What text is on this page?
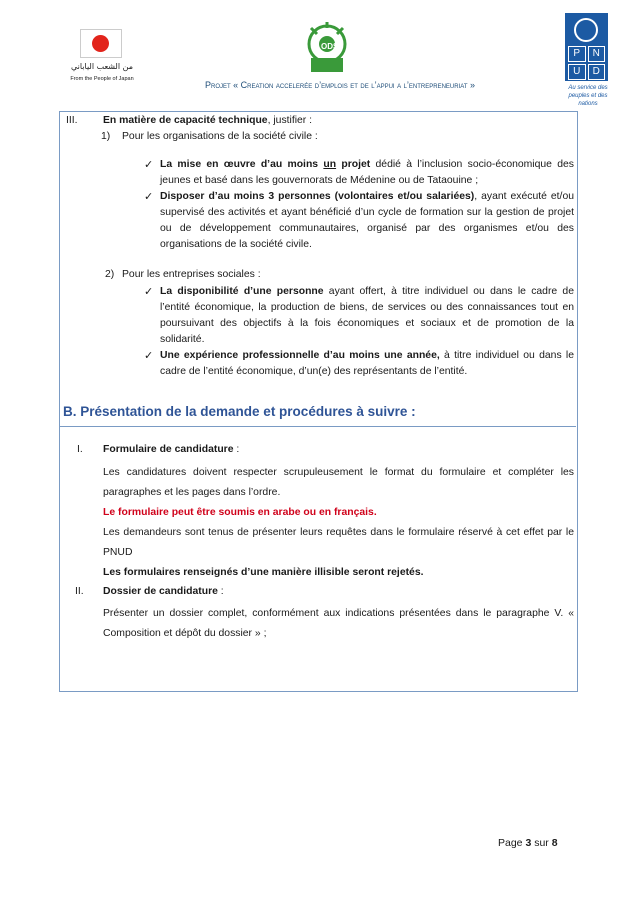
من الشعب الياباني
From the People of Japan
ODS
P	N
U	D
Au service des peuples et des nations
Projet « Creation accelerée d’emplois et de l’appui a l’entrepreneuriat »
III. En matière de capacité technique, justifier :
1) Pour les organisations de la société civile :
✓ La mise en œuvre d’au moins un projet dédié à l’inclusion socio-économique des jeunes et basé dans les gouvernorats de Médenine ou de Tataouine ;
✓ Disposer d’au moins 3 personnes (volontaires et/ou salariées), ayant exécuté et/ou supervisé des activités et ayant bénéficié d’un cycle de formation sur la gestion de projet ou de développement communautaires, organisé par des organismes et/ou des organisations de la société civile.
2) Pour les entreprises sociales :
✓ La disponibilité d’une personne ayant offert, à titre individuel ou dans le cadre de l’entité économique, la production de biens, de services ou des connaissances tout en poursuivant des objectifs à la fois économiques et sociaux et de promotion de la solidarité.
✓ Une expérience professionnelle d’au moins une année, à titre individuel ou dans le cadre de l’entité économique, d’un(e) des représentants de l’entité.
B. Présentation de la demande et procédures à suivre :
I. Formulaire de candidature :
Les candidatures doivent respecter scrupuleusement le format du formulaire et compléter les paragraphes et les pages dans l’ordre.
Le formulaire peut être soumis en arabe ou en français.
Les demandeurs sont tenus de présenter leurs requêtes dans le formulaire réservé à cet effet par le PNUD
Les formulaires renseignés d’une manière illisible seront rejetés.
II. Dossier de candidature :
Présenter un dossier complet, conformément aux indications présentées dans le paragraphe V. « Composition et dépôt du dossier » ;
Page 3 sur 8
